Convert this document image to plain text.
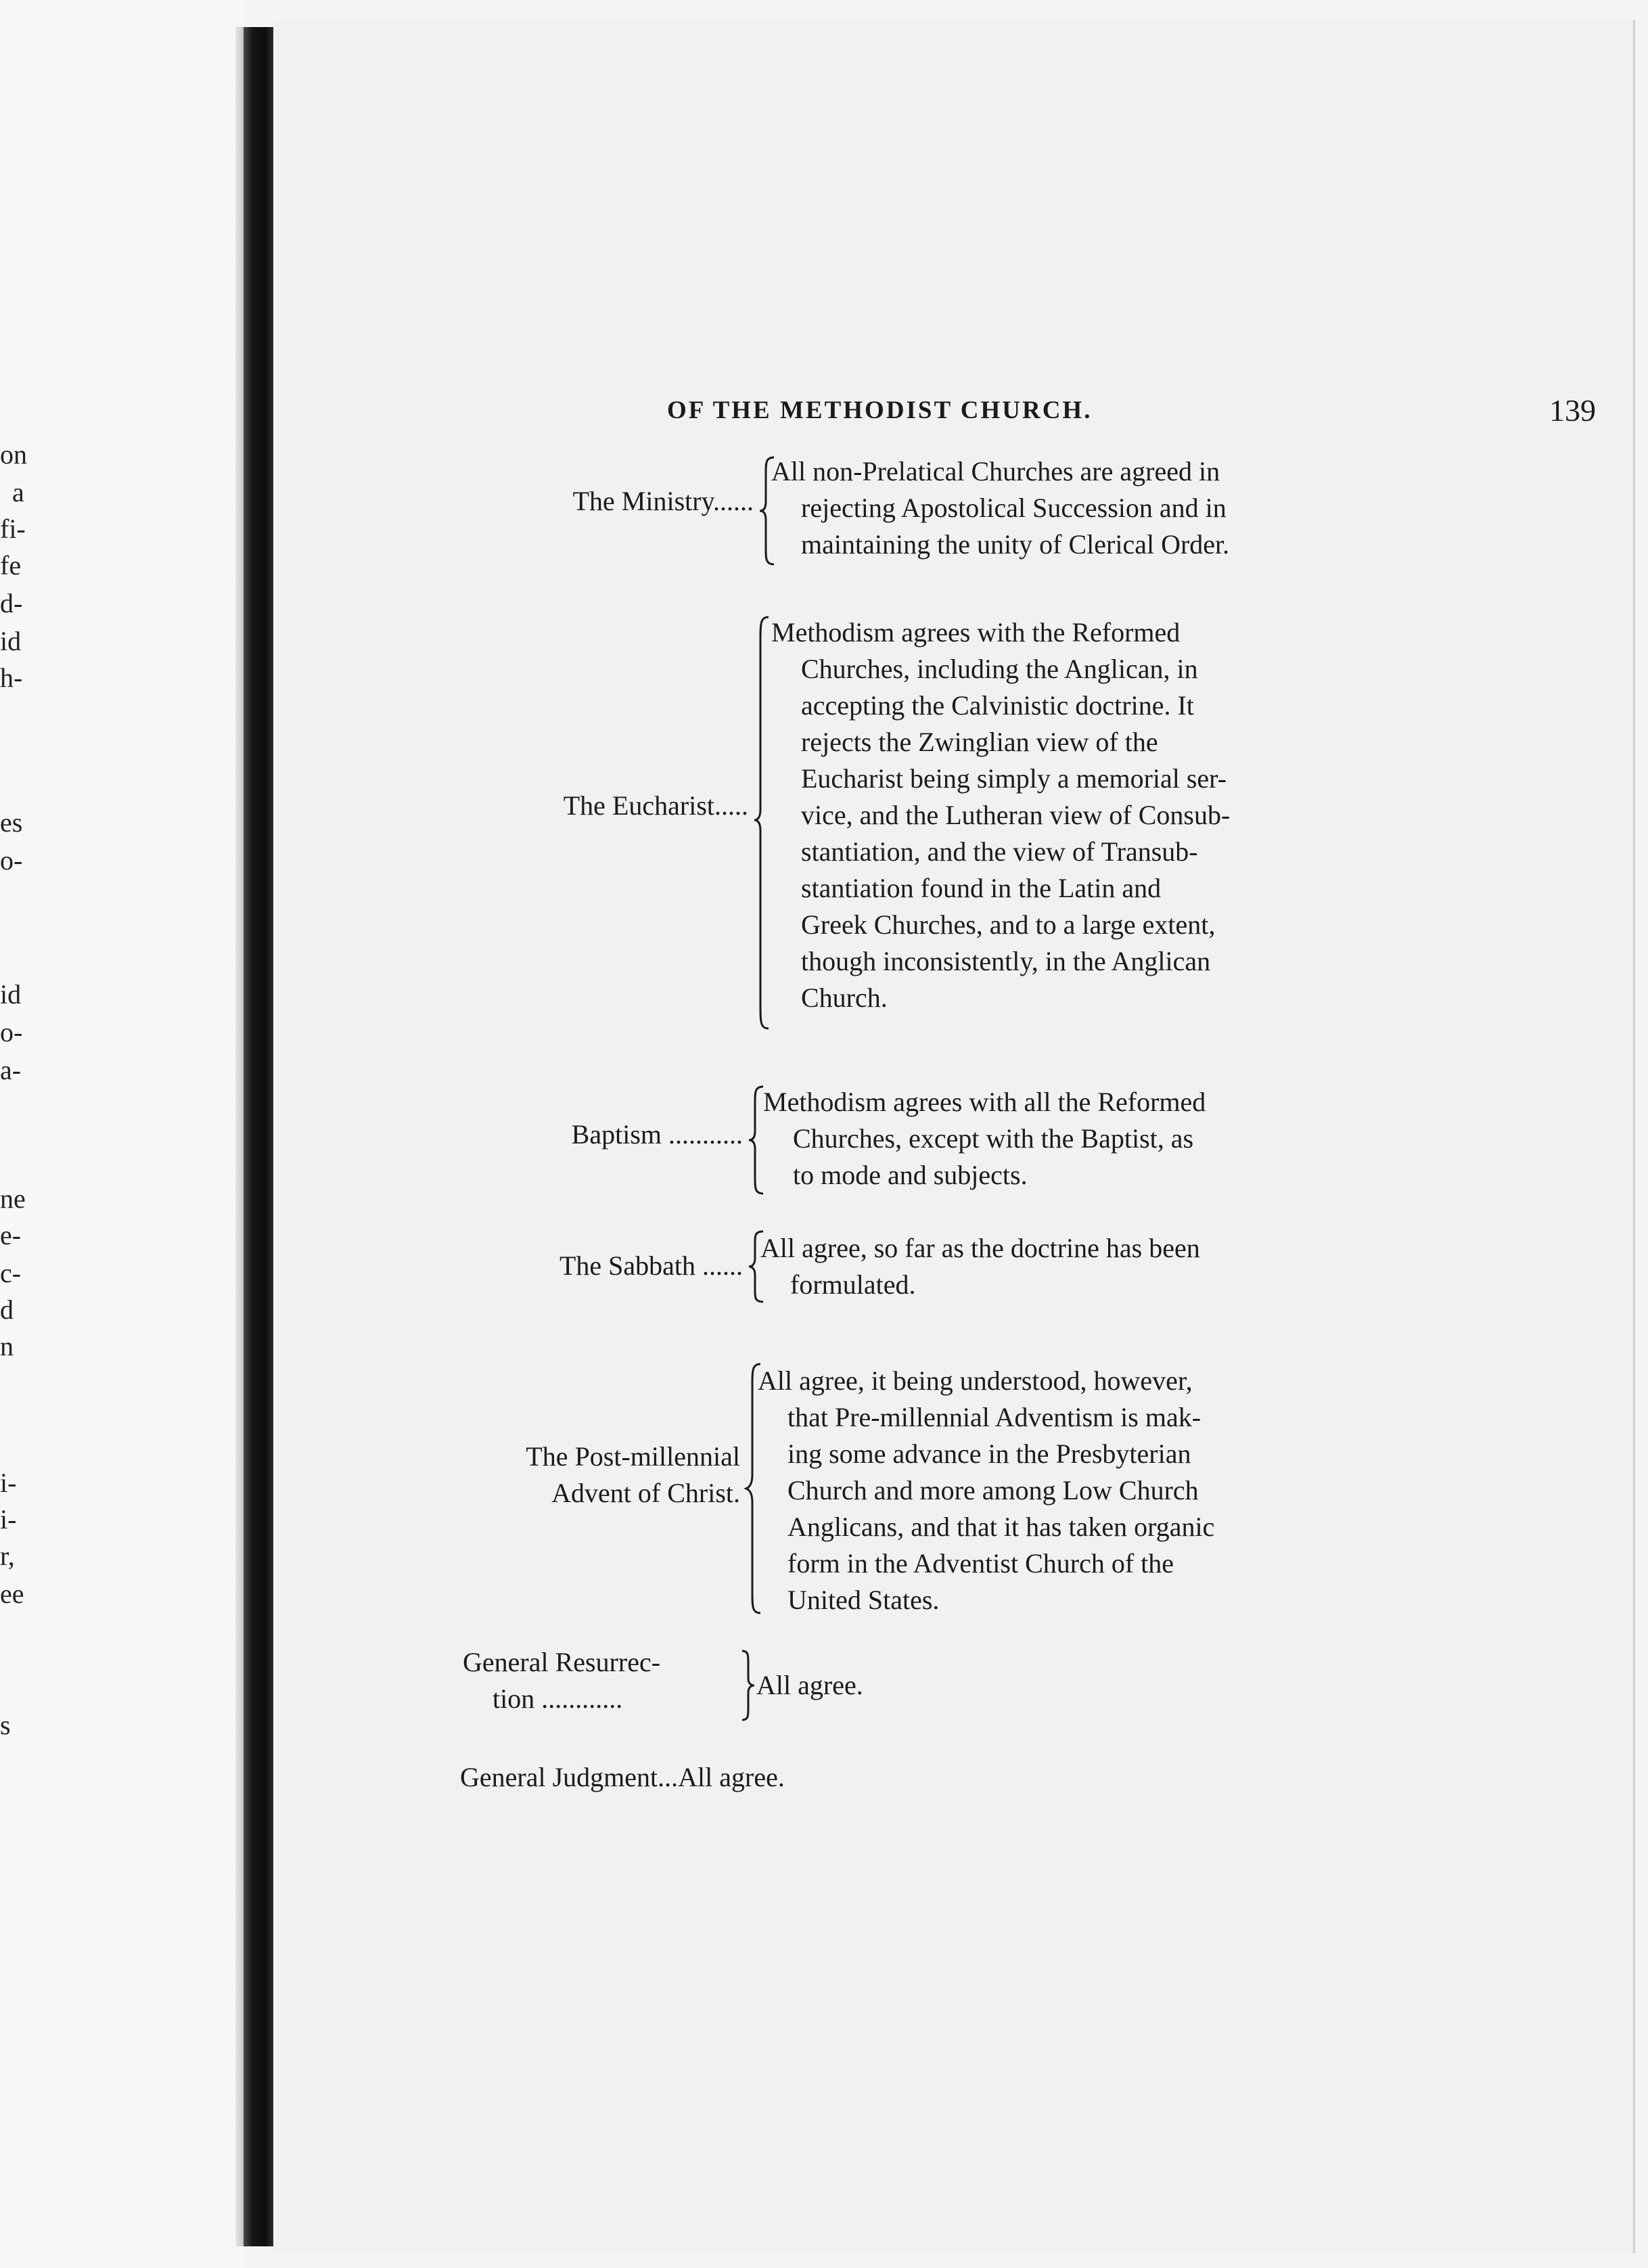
on
a
fi-
fe
d-
id
h-
es
o-
id
o-
a-
ne
e-
c-
d
n
i-
i-
r,
ee
s
OF THE METHODIST CHURCH.	139
The Ministry......
All non-Prelatical Churches are agreed in
rejecting Apostolical Succession and in
maintaining the unity of Clerical Order.
The Eucharist.....
Methodism agrees with the Reformed
Churches, including the Anglican, in
accepting the Calvinistic doctrine. It
rejects the Zwinglian view of the
Eucharist being simply a memorial ser-
vice, and the Lutheran view of Consub-
stantiation, and the view of Transub-
stantiation found in the Latin and
Greek Churches, and to a large extent,
though inconsistently, in the Anglican
Church.
Baptism ...........
Methodism agrees with all the Reformed
Churches, except with the Baptist, as
to mode and subjects.
The Sabbath ......
All agree, so far as the doctrine has been
formulated.
The Post-millennial
Advent of Christ.
All agree, it being understood, however,
that Pre-millennial Adventism is mak-
ing some advance in the Presbyterian
Church and more among Low Church
Anglicans, and that it has taken organic
form in the Adventist Church of the
United States.
General Resurrec-
tion ............	All agree.
General Judgment...All agree.
